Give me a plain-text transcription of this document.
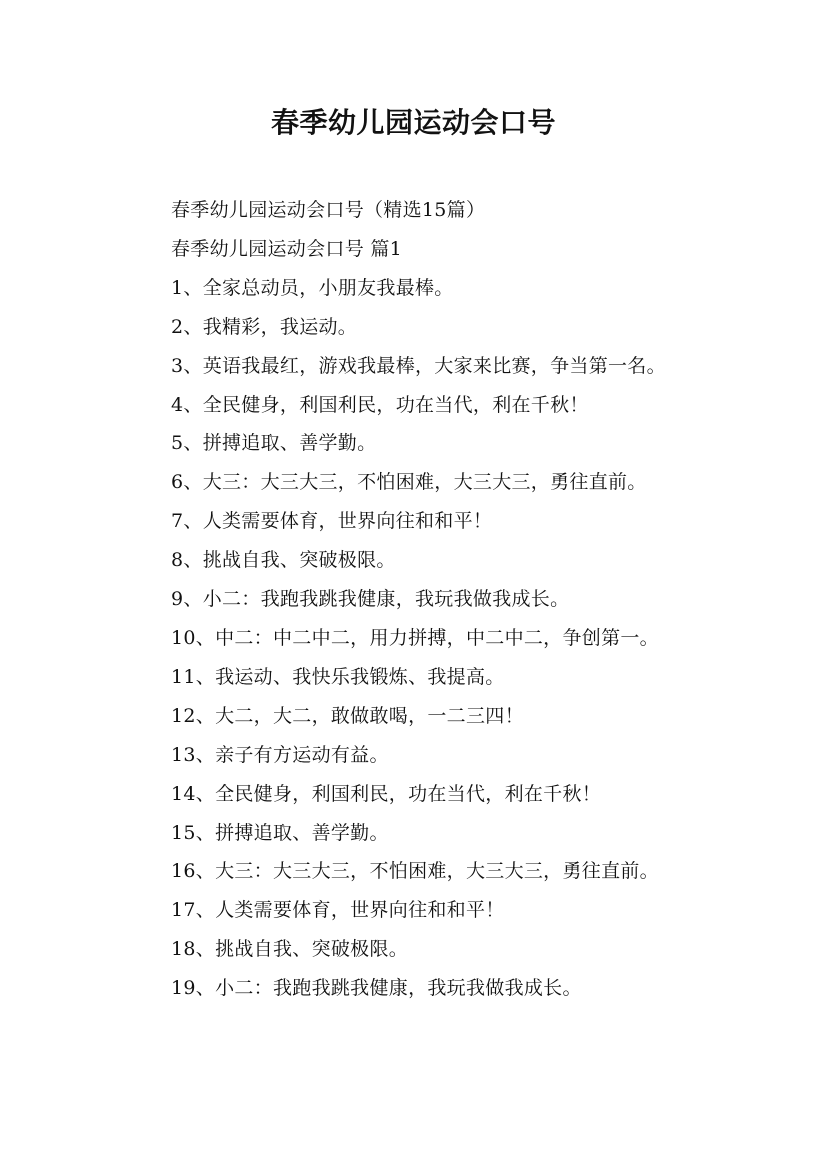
春季幼儿园运动会口号

春季幼儿园运动会口号（精选15篇）

春季幼儿园运动会口号 篇1

1、全家总动员，小朋友我最棒。

2、我精彩，我运动。

3、英语我最红，游戏我最棒，大家来比赛，争当第一名。

4、全民健身，利国利民，功在当代，利在千秋！

5、拼搏追取、善学勤。

6、大三：大三大三，不怕困难，大三大三，勇往直前。

7、人类需要体育，世界向往和和平！

8、挑战自我、突破极限。

9、小二：我跑我跳我健康，我玩我做我成长。

10、中二：中二中二，用力拼搏，中二中二，争创第一。

11、我运动、我快乐我锻炼、我提高。

12、大二，大二，敢做敢喝，一二三四！

13、亲子有方运动有益。

14、全民健身，利国利民，功在当代，利在千秋！

15、拼搏追取、善学勤。

16、大三：大三大三，不怕困难，大三大三，勇往直前。

17、人类需要体育，世界向往和和平！

18、挑战自我、突破极限。

19、小二：我跑我跳我健康，我玩我做我成长。
